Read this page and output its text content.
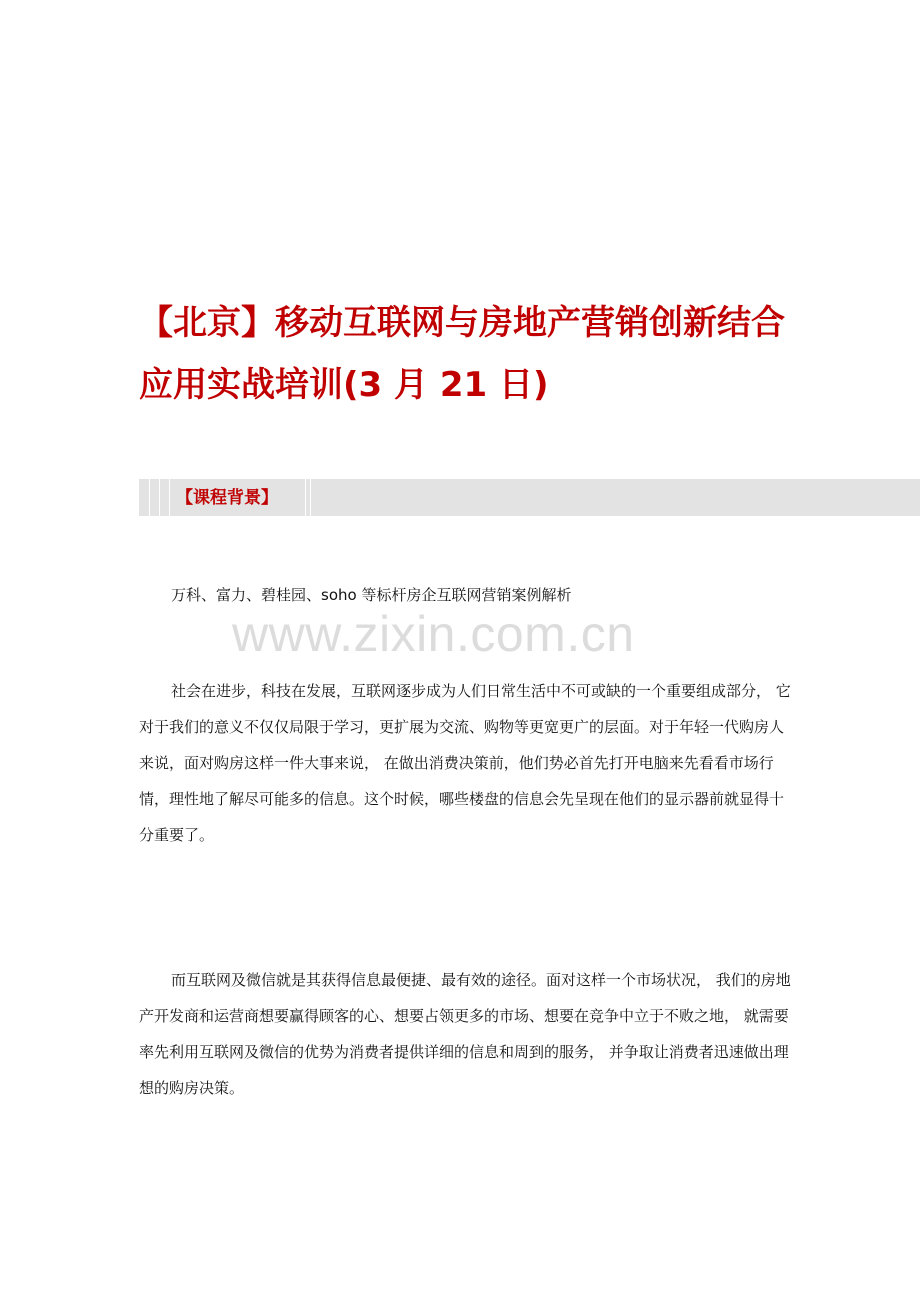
【北京】移动互联网与房地产营销创新结合应用实战培训(3 月 21 日)
【课程背景】

万科、富力、碧桂园、soho 等标杆房企互联网营销案例解析

www.zixin.com.cn

社会在进步，科技在发展，互联网逐步成为人们日常生活中不可或缺的一个重要组成部分， 它对于我们的意义不仅仅局限于学习，更扩展为交流、购物等更宽更广的层面。对于年轻一代购房人来说，面对购房这样一件大事来说， 在做出消费决策前，他们势必首先打开电脑来先看看市场行情，理性地了解尽可能多的信息。这个时候，哪些楼盘的信息会先呈现在他们的显示器前就显得十分重要了。

而互联网及微信就是其获得信息最便捷、最有效的途径。面对这样一个市场状况， 我们的房地产开发商和运营商想要赢得顾客的心、想要占领更多的市场、想要在竞争中立于不败之地， 就需要率先利用互联网及微信的优势为消费者提供详细的信息和周到的服务， 并争取让消费者迅速做出理想的购房决策。
